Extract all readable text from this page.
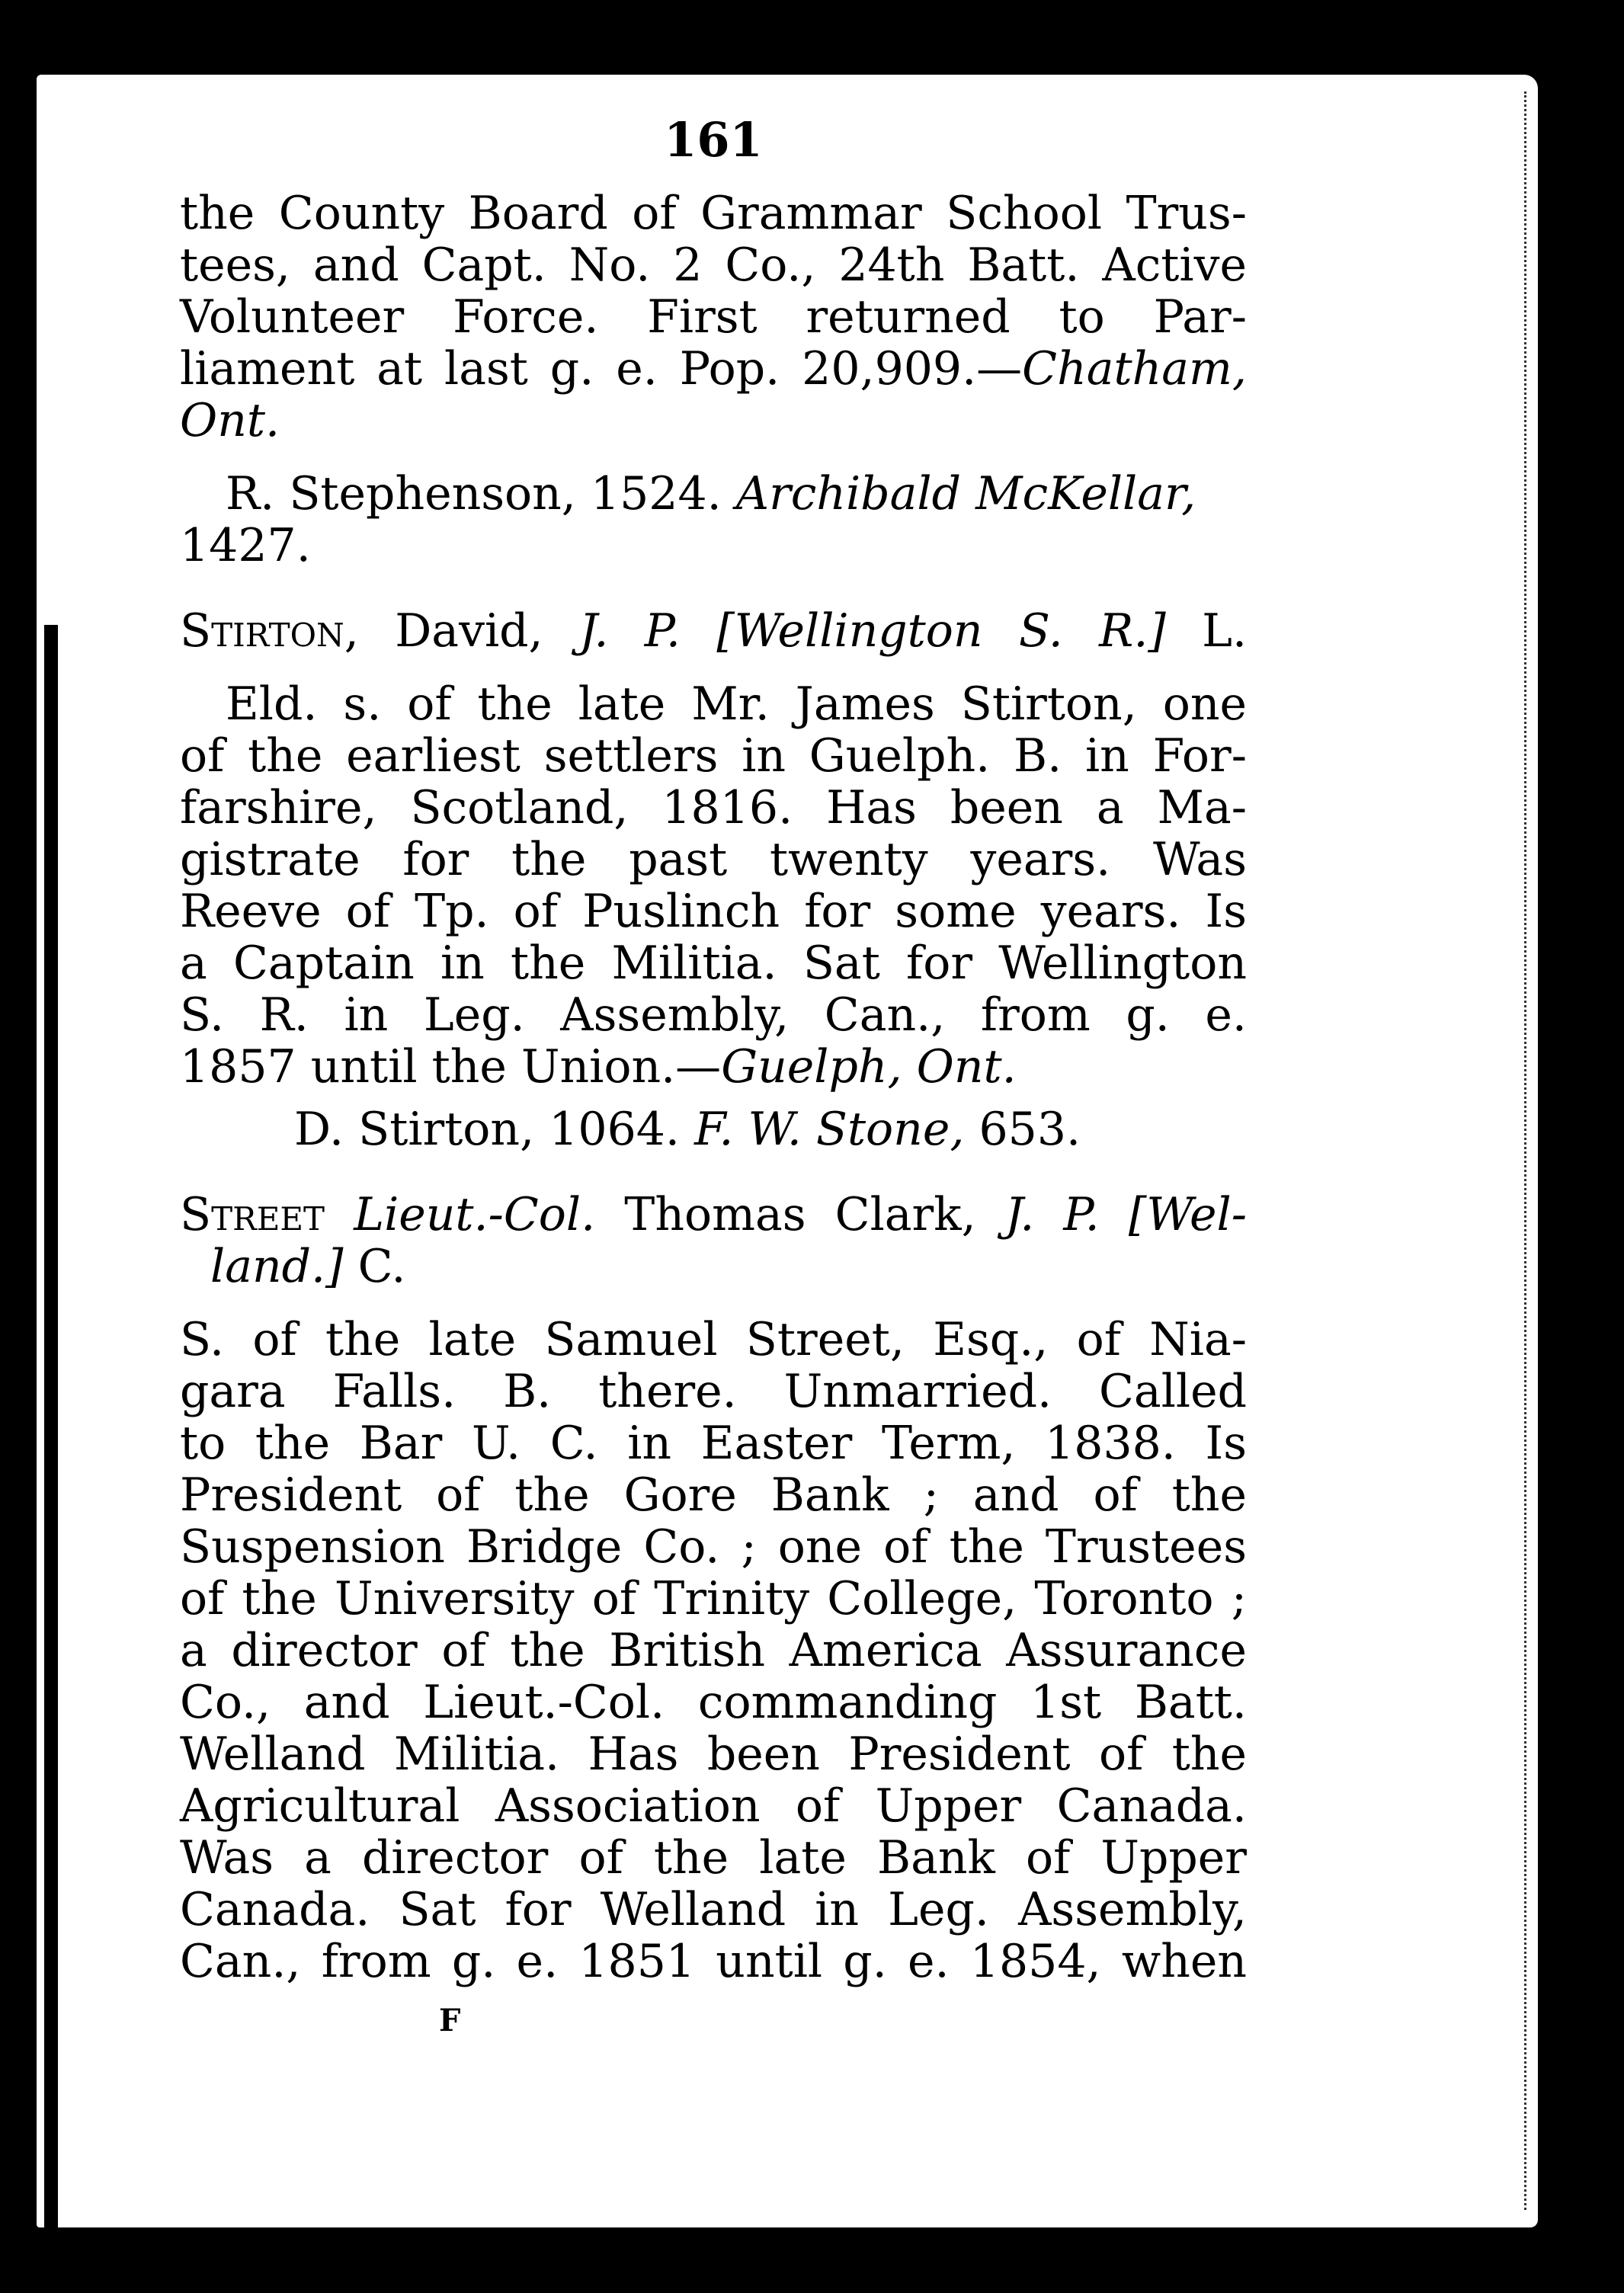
161
the County Board of Grammar School Trus-
tees, and Capt. No. 2 Co., 24th Batt. Active
Volunteer Force. First returned to Par-
liament at last g. e. Pop. 20,909.—Chatham,
Ont.
R. Stephenson, 1524. Archibald McKellar,
1427.
Stirton, David, J. P. [Wellington S. R.] L.
Eld. s. of the late Mr. James Stirton, one
of the earliest settlers in Guelph. B. in For-
farshire, Scotland, 1816. Has been a Ma-
gistrate for the past twenty years. Was
Reeve of Tp. of Puslinch for some years. Is
a Captain in the Militia. Sat for Wellington
S. R. in Leg. Assembly, Can., from g. e.
1857 until the Union.—Guelph, Ont.
D. Stirton, 1064. F. W. Stone, 653.
Street Lieut.-Col. Thomas Clark, J. P. [Wel-
land.] C.
S. of the late Samuel Street, Esq., of Nia-
gara Falls. B. there. Unmarried. Called
to the Bar U. C. in Easter Term, 1838. Is
President of the Gore Bank ; and of the
Suspension Bridge Co. ; one of the Trustees
of the University of Trinity College, Toronto ;
a director of the British America Assurance
Co., and Lieut.-Col. commanding 1st Batt.
Welland Militia. Has been President of the
Agricultural Association of Upper Canada.
Was a director of the late Bank of Upper
Canada. Sat for Welland in Leg. Assembly,
Can., from g. e. 1851 until g. e. 1854, when
F
